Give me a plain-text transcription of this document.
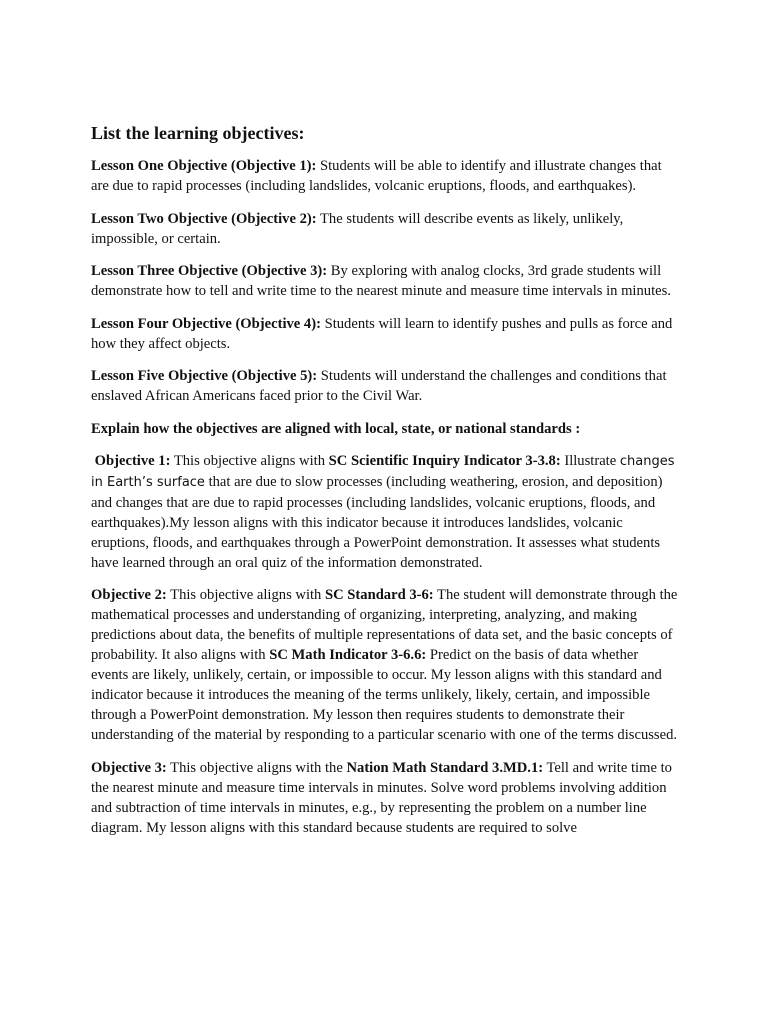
List the learning objectives:

Lesson One Objective (Objective 1): Students will be able to identify and illustrate changes that are due to rapid processes (including landslides, volcanic eruptions, floods, and earthquakes).

Lesson Two Objective (Objective 2): The students will describe events as likely, unlikely, impossible, or certain.

Lesson Three Objective (Objective 3): By exploring with analog clocks, 3rd grade students will demonstrate how to tell and write time to the nearest minute and measure time intervals in minutes.

Lesson Four Objective (Objective 4): Students will learn to identify pushes and pulls as force and how they affect objects.

Lesson Five Objective (Objective 5): Students will understand the challenges and conditions that enslaved African Americans faced prior to the Civil War.

Explain how the objectives are aligned with local, state, or national standards :

Objective 1: This objective aligns with SC Scientific Inquiry Indicator 3-3.8: Illustrate changes in Earth’s surface that are due to slow processes (including weathering, erosion, and deposition) and changes that are due to rapid processes (including landslides, volcanic eruptions, floods, and earthquakes).My lesson aligns with this indicator because it introduces landslides, volcanic eruptions, floods, and earthquakes through a PowerPoint demonstration. It assesses what students have learned through an oral quiz of the information demonstrated.

Objective 2: This objective aligns with SC Standard 3-6: The student will demonstrate through the mathematical processes and understanding of organizing, interpreting, analyzing, and making predictions about data, the benefits of multiple representations of data set, and the basic concepts of probability. It also aligns with SC Math Indicator 3-6.6: Predict on the basis of data whether events are likely, unlikely, certain, or impossible to occur. My lesson aligns with this standard and indicator because it introduces the meaning of the terms unlikely, likely, certain, and impossible through a PowerPoint demonstration. My lesson then requires students to demonstrate their understanding of the material by responding to a particular scenario with one of the terms discussed.

Objective 3: This objective aligns with the Nation Math Standard 3.MD.1: Tell and write time to the nearest minute and measure time intervals in minutes. Solve word problems involving addition and subtraction of time intervals in minutes, e.g., by representing the problem on a number line diagram. My lesson aligns with this standard because students are required to solve
